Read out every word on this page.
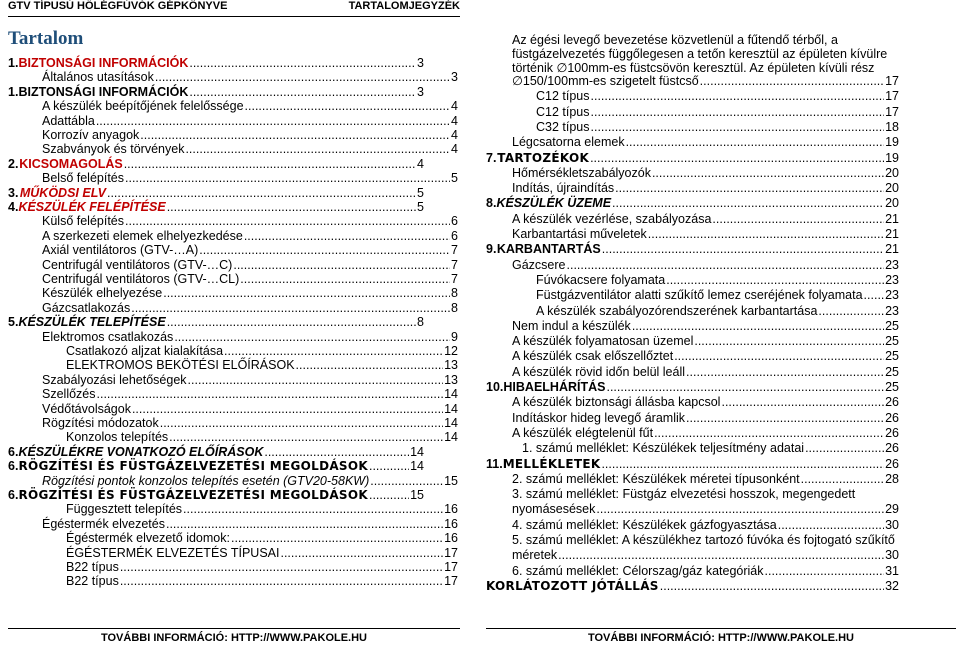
GTV TÍPUSÚ HŐLÉGFÚVÓK GÉPKÖNYVE	TARTALOMJEGYZÉK
Tartalom
1. BIZTONSÁGI INFORMÁCIÓK .....	3
Általános utasítások .....	3
1. BIZTONSÁGI INFORMÁCIÓK .....	3
A készülék beépítőjének felelőssége .....	4
Adattábla .....	4
Korrozív anyagok .....	4
Szabványok és törvények .....	4
2. KICSOMAGOLÁS .....	4
Belső felépítés .....	5
3. MŰKÖDSI ELV .....	5
4. KÉSZÜLÉK FELÉPÍTÉSE .....	5
Külső felépítés .....	6
A szerkezeti elemek elhelyezkedése .....	6
Axiál ventilátoros (GTV-…A) .....	7
Centrifugál ventilátoros (GTV-…C) .....	7
Centrifugál ventilátoros (GTV-…CL) .....	7
Készülék elhelyezése .....	8
Gázcsatlakozás .....	8
5. KÉSZÜLÉK TELEPÍTÉSE .....	8
Elektromos csatlakozás .....	9
Csatlakozó aljzat kialakítása .....	12
ELEKTROMOS BEKÖTÉSI ELŐÍRÁSOK .....	13
Szabályozási lehetőségek .....	13
Szellőzés .....	14
Védőtávolságok .....	14
Rögzítési módozatok .....	14
Konzolos telepítés .....	14
6. KÉSZÜLÉKRE VONATKOZÓ ELŐÍRÁSOK .....	14
6. RÖGZÍTÉSI ÉS FÜSTGÁZELVEZETÉSI MEGOLDÁSOK .....	14
Rögzítési pontok konzolos telepítés esetén (GTV20-58KW) .....	15
6. RÖGZÍTÉSI ÉS FÜSTGÁZELVEZETÉSI MEGOLDÁSOK .....	15
Függesztett telepítés .....	16
Égéstermék elvezetés .....	16
Égéstermék elvezető idomok: .....	16
ÉGÉSTERMÉK ELVEZETÉS TÍPUSAI .....	17
B22 típus .....	17
B22 típus .....	17
Az égési levegő bevezetése közvetlenül a fűtendő térből, a
füstgázelvezetés függőlegesen a tetőn keresztül az épületen kívülre
történik ∅100mm-es füstcsövön keresztül. Az épületen kívüli rész
∅150/100mm-es szigetelt füstcső .....	17
C12 típus .....	17
C12 típus .....	17
C32 típus .....	18
Légcsatorna elemek .....	19
7. TARTOZÉKOK .....	19
Hőmérsékletszabályozók .....	20
Indítás, újraindítás .....	20
8. KÉSZÜLÉK ÜZEME .....	20
A készülék vezérlése, szabályozása .....	21
Karbantartási műveletek .....	21
9. KARBANTARTÁS .....	21
Gázcsere .....	23
Fúvókacsere folyamata .....	23
Füstgázventilátor alatti szűkítő lemez cseréjének folyamata ..... 23
A készülék szabályozórendszerének karbantartása .....	23
Nem indul a készülék .....	25
A készülék folyamatosan üzemel .....	25
A készülék csak előszellőztet .....	25
A készülék rövid időn belül leáll .....	25
10. HIBAELHÁRÍTÁS .....	25
A készülék biztonsági állásba kapcsol .....	26
Indításkor hideg levegő áramlik .....	26
A készülék elégtelenül fűt .....	26
1. számú melléklet: Készülékek teljesítmény adatai .....	26
11. MELLÉKLETEK .....	26
2. számú melléklet: Készülékek méretei típusonként .....	28
3. számú melléklet: Füstgáz elvezetési hosszok, megengedett
nyomásesések .....	29
4. számú melléklet: Készülékek gázfogyasztása .....	30
5. számú melléklet: A készülékhez tartozó fúvóka és fojtogató szűkítő
méretek .....	30
6. számú melléklet: Célorszag/gáz kategóriák .....	31
KORLÁTOZOTT JÓTÁLLÁS .....	32
TOVÁBBI INFORMÁCIÓ: HTTP://WWW.PAKOLE.HU	TOVÁBBI INFORMÁCIÓ: HTTP://WWW.PAKOLE.HU
